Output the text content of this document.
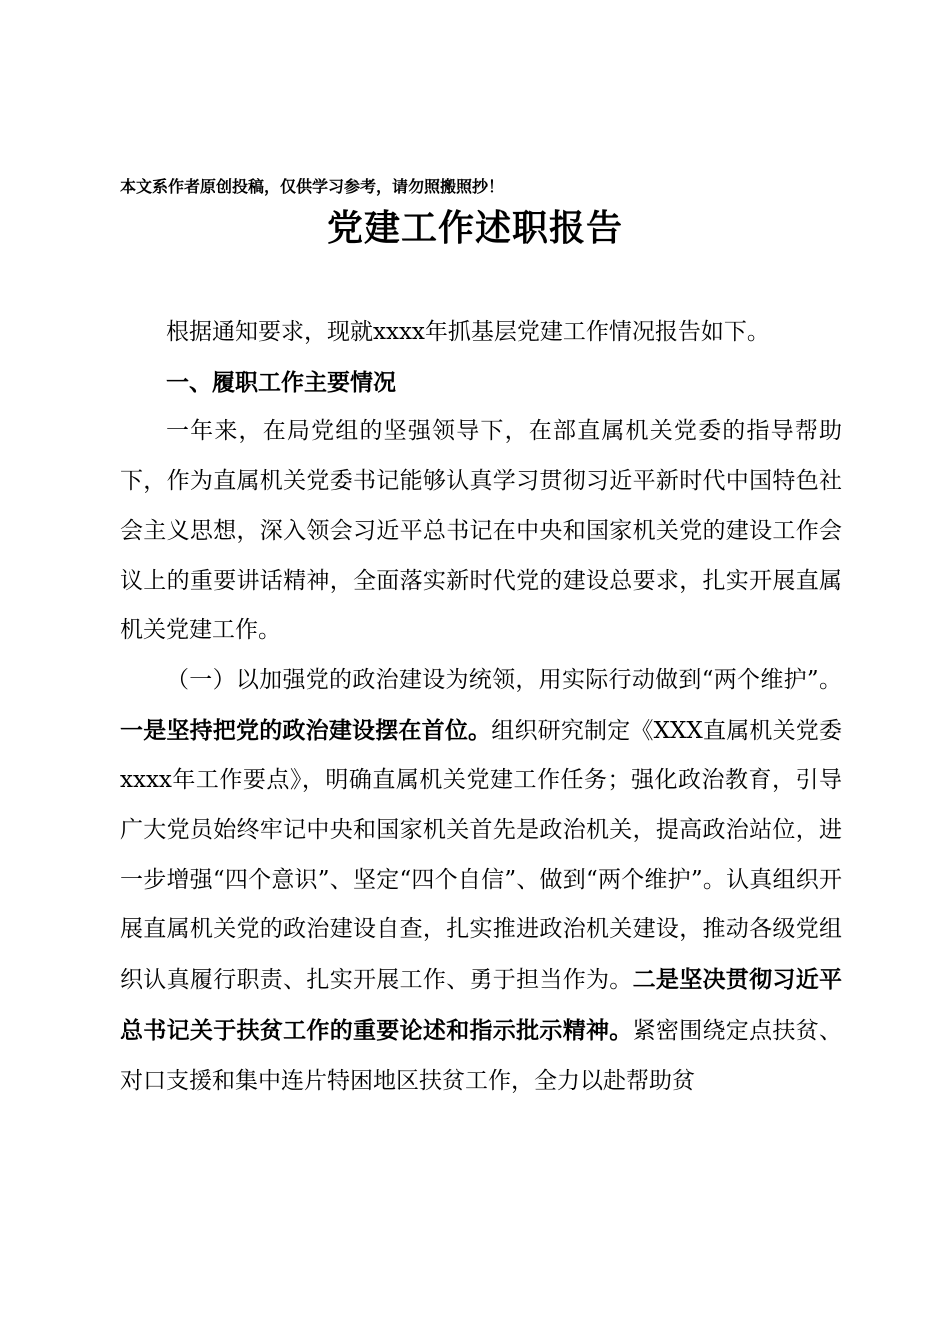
本文系作者原创投稿，仅供学习参考，请勿照搬照抄！
党建工作述职报告

根据通知要求，现就xxxx年抓基层党建工作情况报告如下。

一、履职工作主要情况

一年来，在局党组的坚强领导下，在部直属机关党委的指导帮助下，作为直属机关党委书记能够认真学习贯彻习近平新时代中国特色社会主义思想，深入领会习近平总书记在中央和国家机关党的建设工作会议上的重要讲话精神，全面落实新时代党的建设总要求，扎实开展直属机关党建工作。

（一）以加强党的政治建设为统领，用实际行动做到“两个维护”。一是坚持把党的政治建设摆在首位。组织研究制定《XXX直属机关党委xxxx年工作要点》，明确直属机关党建工作任务；强化政治教育，引导广大党员始终牢记中央和国家机关首先是政治机关，提高政治站位，进一步增强“四个意识”、坚定“四个自信”、做到“两个维护”。认真组织开展直属机关党的政治建设自查，扎实推进政治机关建设，推动各级党组织认真履行职责、扎实开展工作、勇于担当作为。二是坚决贯彻习近平总书记关于扶贫工作的重要论述和指示批示精神。紧密围绕定点扶贫、对口支援和集中连片特困地区扶贫工作，全力以赴帮助贫
